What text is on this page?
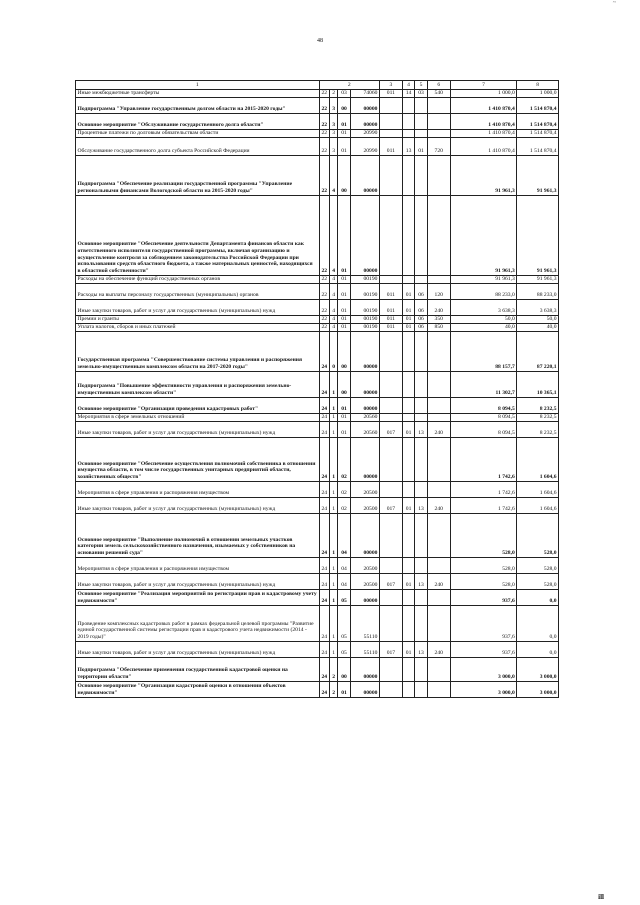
48
~
1	2				3	4	5	6	7	8
Иные межбюджетные трансферты	22	2	03	74060	011	14	03	540	1 000,0	1 000,0
Подпрограмма "Управление государственным долгом области на 2015-2020 годы"	22	3	00	00000					1 410 870,4	1 514 870,4
Основное мероприятие "Обслуживание государственного долга области"	22	3	01	00000					1 410 870,4	1 514 870,4
Процентные платежи по долговым обязательствам области	22	3	01	20990					1 410 870,4	1 514 870,4
Обслуживание государственного долга субъекта Российской Федерации	22	3	01	20990	011	13	01	720	1 410 870,4	1 514 870,4
Подпрограмма "Обеспечение реализации государственной программы "Управление региональными финансами Вологодской области на 2015-2020 годы"	22	4	00	00000					91 961,3	91 961,3
Основное мероприятие "Обеспечение деятельности Департамента финансов области как ответственного исполнителя государственной программы, включая организацию и осуществление контроля за соблюдением законодательства Российской Федерации при использовании средств областного бюджета, а также материальных ценностей, находящихся в областной собственности"	22	4	01	00000					91 961,3	91 961,3
Расходы на обеспечение функций государственных органов	22	4	01	00190					91 961,3	91 961,3
Расходы на выплаты персоналу государственных (муниципальных) органов	22	4	01	00190	011	01	06	120	88 233,0	88 233,0
Иные закупки товаров, работ и услуг для государственных (муниципальных) нужд	22	4	01	00190	011	01	06	240	3 638,3	3 638,3
Премии и гранты	22	4	01	00190	011	01	06	350	50,0	50,0
Уплата налогов, сборов и иных платежей	22	4	01	00190	011	01	06	850	40,0	40,0
Государственная программа "Совершенствование системы управления и распоряжения земельно-имущественным комплексом области на 2017-2020 годы"	24	0	00	00000					88 157,7	87 220,1
Подпрограмма "Повышение эффективности управления и распоряжения земельно-имущественным комплексом области"	24	1	00	00000					11 302,7	10 365,1
Основное мероприятие "Организация проведения кадастровых работ"	24	1	01	00000					8 094,5	8 232,5
Мероприятия в сфере земельных отношений	24	1	01	20560					8 094,5	8 232,5
Иные закупки товаров, работ и услуг для государственных (муниципальных) нужд	24	1	01	20560	017	01	13	240	8 094,5	8 232,5
Основное мероприятие "Обеспечение осуществления полномочий собственника в отношении имущества области, в том числе государственных унитарных предприятий области, хозяйственных обществ"	24	1	02	00000					1 742,6	1 604,6
Мероприятия в сфере управления и распоряжения имуществом	24	1	02	20500					1 742,6	1 604,6
Иные закупки товаров, работ и услуг для государственных (муниципальных) нужд	24	1	02	20500	017	01	13	240	1 742,6	1 604,6
Основное мероприятие "Выполнение полномочий в отношении земельных участков категории земель сельскохозяйственного назначения, изымаемых у собственников на основании решений суда"	24	1	04	00000					528,0	528,0
Мероприятия в сфере управления и распоряжения имуществом	24	1	04	20500					528,0	528,0
Иные закупки товаров, работ и услуг для государственных (муниципальных) нужд	24	1	04	20500	017	01	13	240	528,0	528,0
Основное мероприятие "Реализация мероприятий по регистрации прав и кадастровому учету недвижимости"	24	1	05	00000					937,6	0,0
Проведение комплексных кадастровых работ в рамках федеральной целевой программы "Развитие единой государственной системы регистрации прав и кадастрового учета недвижимости (2014 - 2019 годы)"	24	1	05	55110					937,6	0,0
Иные закупки товаров, работ и услуг для государственных (муниципальных) нужд	24	1	05	55110	017	01	13	240	937,6	0,0
Подпрограмма "Обеспечение применения государственной кадастровой оценки на территории области"	24	2	00	00000					3 000,0	3 000,0
Основное мероприятие "Организация кадастровой оценки в отношении объектов недвижимости"	24	2	01	00000					3 000,0	3 000,0
ill
